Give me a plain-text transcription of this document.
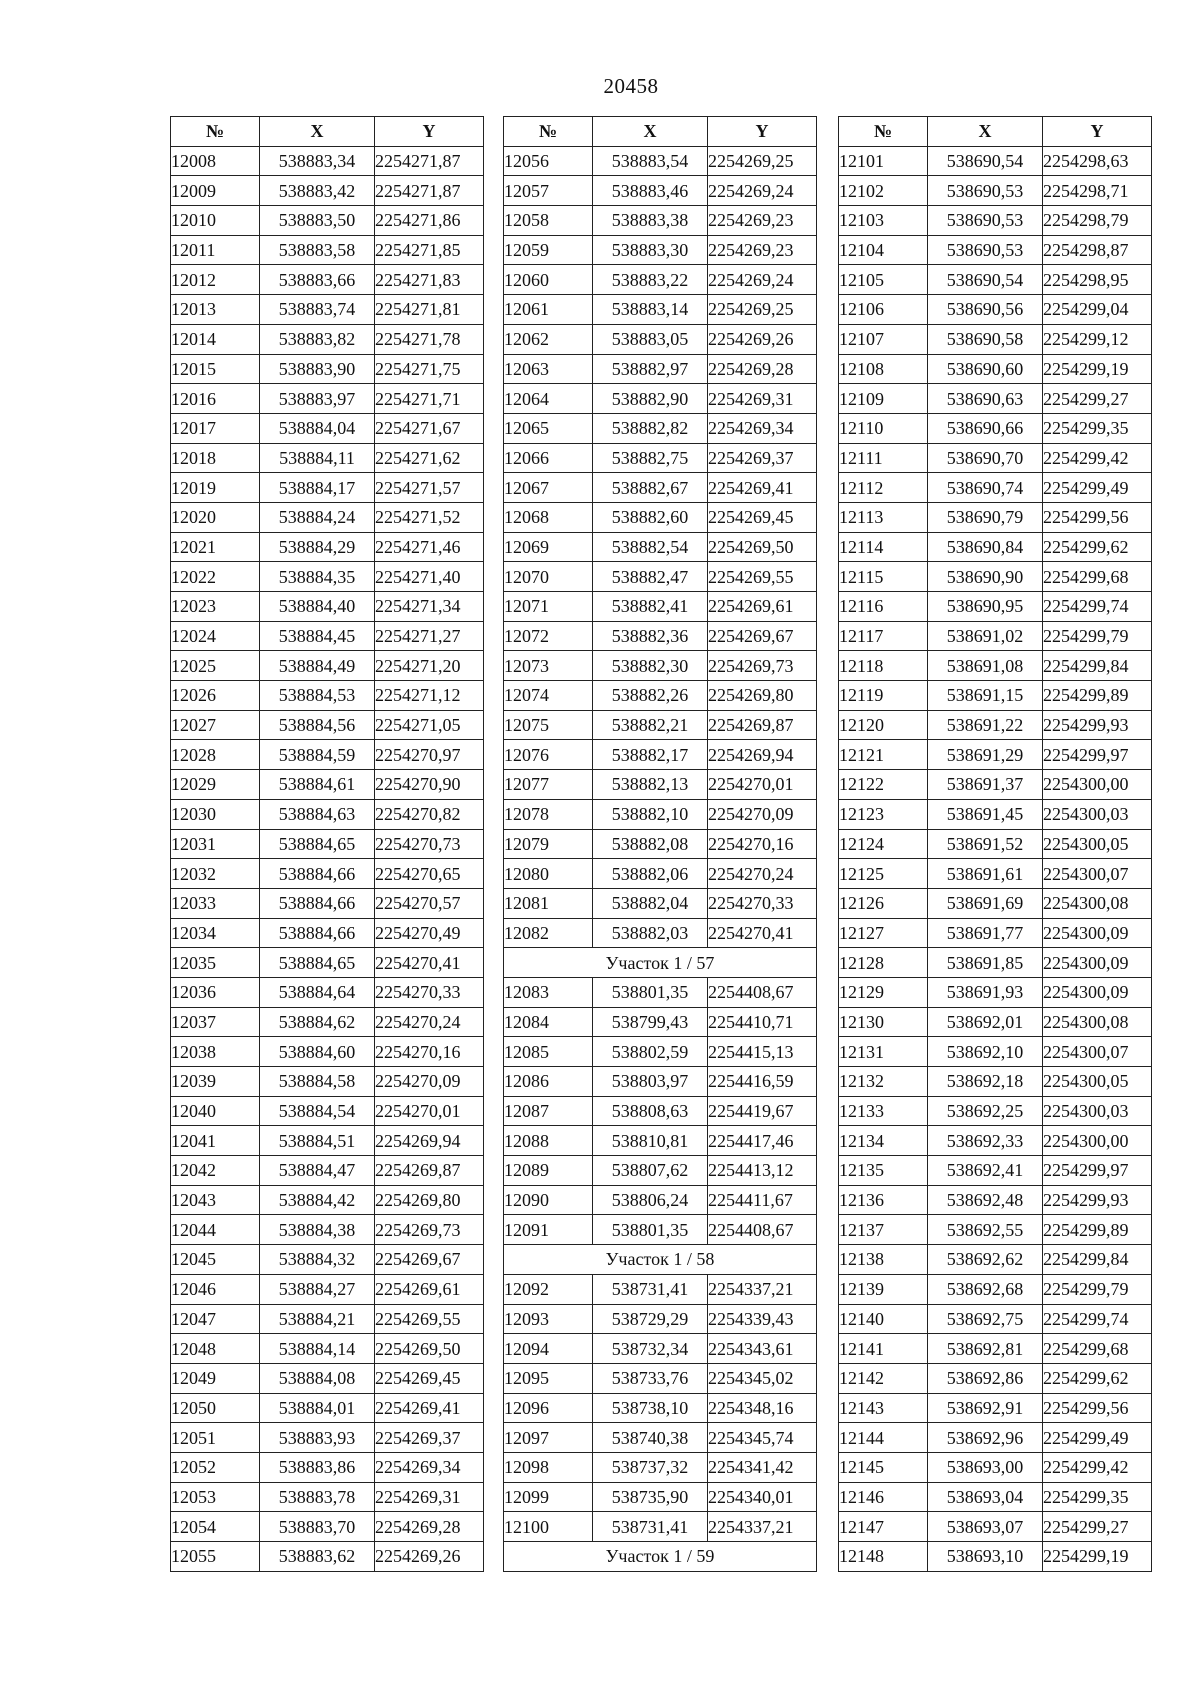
20458
№	X	Y
12008	538883,34	2254271,87
12009	538883,42	2254271,87
12010	538883,50	2254271,86
12011	538883,58	2254271,85
12012	538883,66	2254271,83
12013	538883,74	2254271,81
12014	538883,82	2254271,78
12015	538883,90	2254271,75
12016	538883,97	2254271,71
12017	538884,04	2254271,67
12018	538884,11	2254271,62
12019	538884,17	2254271,57
12020	538884,24	2254271,52
12021	538884,29	2254271,46
12022	538884,35	2254271,40
12023	538884,40	2254271,34
12024	538884,45	2254271,27
12025	538884,49	2254271,20
12026	538884,53	2254271,12
12027	538884,56	2254271,05
12028	538884,59	2254270,97
12029	538884,61	2254270,90
12030	538884,63	2254270,82
12031	538884,65	2254270,73
12032	538884,66	2254270,65
12033	538884,66	2254270,57
12034	538884,66	2254270,49
12035	538884,65	2254270,41
12036	538884,64	2254270,33
12037	538884,62	2254270,24
12038	538884,60	2254270,16
12039	538884,58	2254270,09
12040	538884,54	2254270,01
12041	538884,51	2254269,94
12042	538884,47	2254269,87
12043	538884,42	2254269,80
12044	538884,38	2254269,73
12045	538884,32	2254269,67
12046	538884,27	2254269,61
12047	538884,21	2254269,55
12048	538884,14	2254269,50
12049	538884,08	2254269,45
12050	538884,01	2254269,41
12051	538883,93	2254269,37
12052	538883,86	2254269,34
12053	538883,78	2254269,31
12054	538883,70	2254269,28
12055	538883,62	2254269,26
№	X	Y
12056	538883,54	2254269,25
12057	538883,46	2254269,24
12058	538883,38	2254269,23
12059	538883,30	2254269,23
12060	538883,22	2254269,24
12061	538883,14	2254269,25
12062	538883,05	2254269,26
12063	538882,97	2254269,28
12064	538882,90	2254269,31
12065	538882,82	2254269,34
12066	538882,75	2254269,37
12067	538882,67	2254269,41
12068	538882,60	2254269,45
12069	538882,54	2254269,50
12070	538882,47	2254269,55
12071	538882,41	2254269,61
12072	538882,36	2254269,67
12073	538882,30	2254269,73
12074	538882,26	2254269,80
12075	538882,21	2254269,87
12076	538882,17	2254269,94
12077	538882,13	2254270,01
12078	538882,10	2254270,09
12079	538882,08	2254270,16
12080	538882,06	2254270,24
12081	538882,04	2254270,33
12082	538882,03	2254270,41
Участок 1 / 57		
12083	538801,35	2254408,67
12084	538799,43	2254410,71
12085	538802,59	2254415,13
12086	538803,97	2254416,59
12087	538808,63	2254419,67
12088	538810,81	2254417,46
12089	538807,62	2254413,12
12090	538806,24	2254411,67
12091	538801,35	2254408,67
Участок 1 / 58		
12092	538731,41	2254337,21
12093	538729,29	2254339,43
12094	538732,34	2254343,61
12095	538733,76	2254345,02
12096	538738,10	2254348,16
12097	538740,38	2254345,74
12098	538737,32	2254341,42
12099	538735,90	2254340,01
12100	538731,41	2254337,21
Участок 1 / 59		
№	X	Y
12101	538690,54	2254298,63
12102	538690,53	2254298,71
12103	538690,53	2254298,79
12104	538690,53	2254298,87
12105	538690,54	2254298,95
12106	538690,56	2254299,04
12107	538690,58	2254299,12
12108	538690,60	2254299,19
12109	538690,63	2254299,27
12110	538690,66	2254299,35
12111	538690,70	2254299,42
12112	538690,74	2254299,49
12113	538690,79	2254299,56
12114	538690,84	2254299,62
12115	538690,90	2254299,68
12116	538690,95	2254299,74
12117	538691,02	2254299,79
12118	538691,08	2254299,84
12119	538691,15	2254299,89
12120	538691,22	2254299,93
12121	538691,29	2254299,97
12122	538691,37	2254300,00
12123	538691,45	2254300,03
12124	538691,52	2254300,05
12125	538691,61	2254300,07
12126	538691,69	2254300,08
12127	538691,77	2254300,09
12128	538691,85	2254300,09
12129	538691,93	2254300,09
12130	538692,01	2254300,08
12131	538692,10	2254300,07
12132	538692,18	2254300,05
12133	538692,25	2254300,03
12134	538692,33	2254300,00
12135	538692,41	2254299,97
12136	538692,48	2254299,93
12137	538692,55	2254299,89
12138	538692,62	2254299,84
12139	538692,68	2254299,79
12140	538692,75	2254299,74
12141	538692,81	2254299,68
12142	538692,86	2254299,62
12143	538692,91	2254299,56
12144	538692,96	2254299,49
12145	538693,00	2254299,42
12146	538693,04	2254299,35
12147	538693,07	2254299,27
12148	538693,10	2254299,19
